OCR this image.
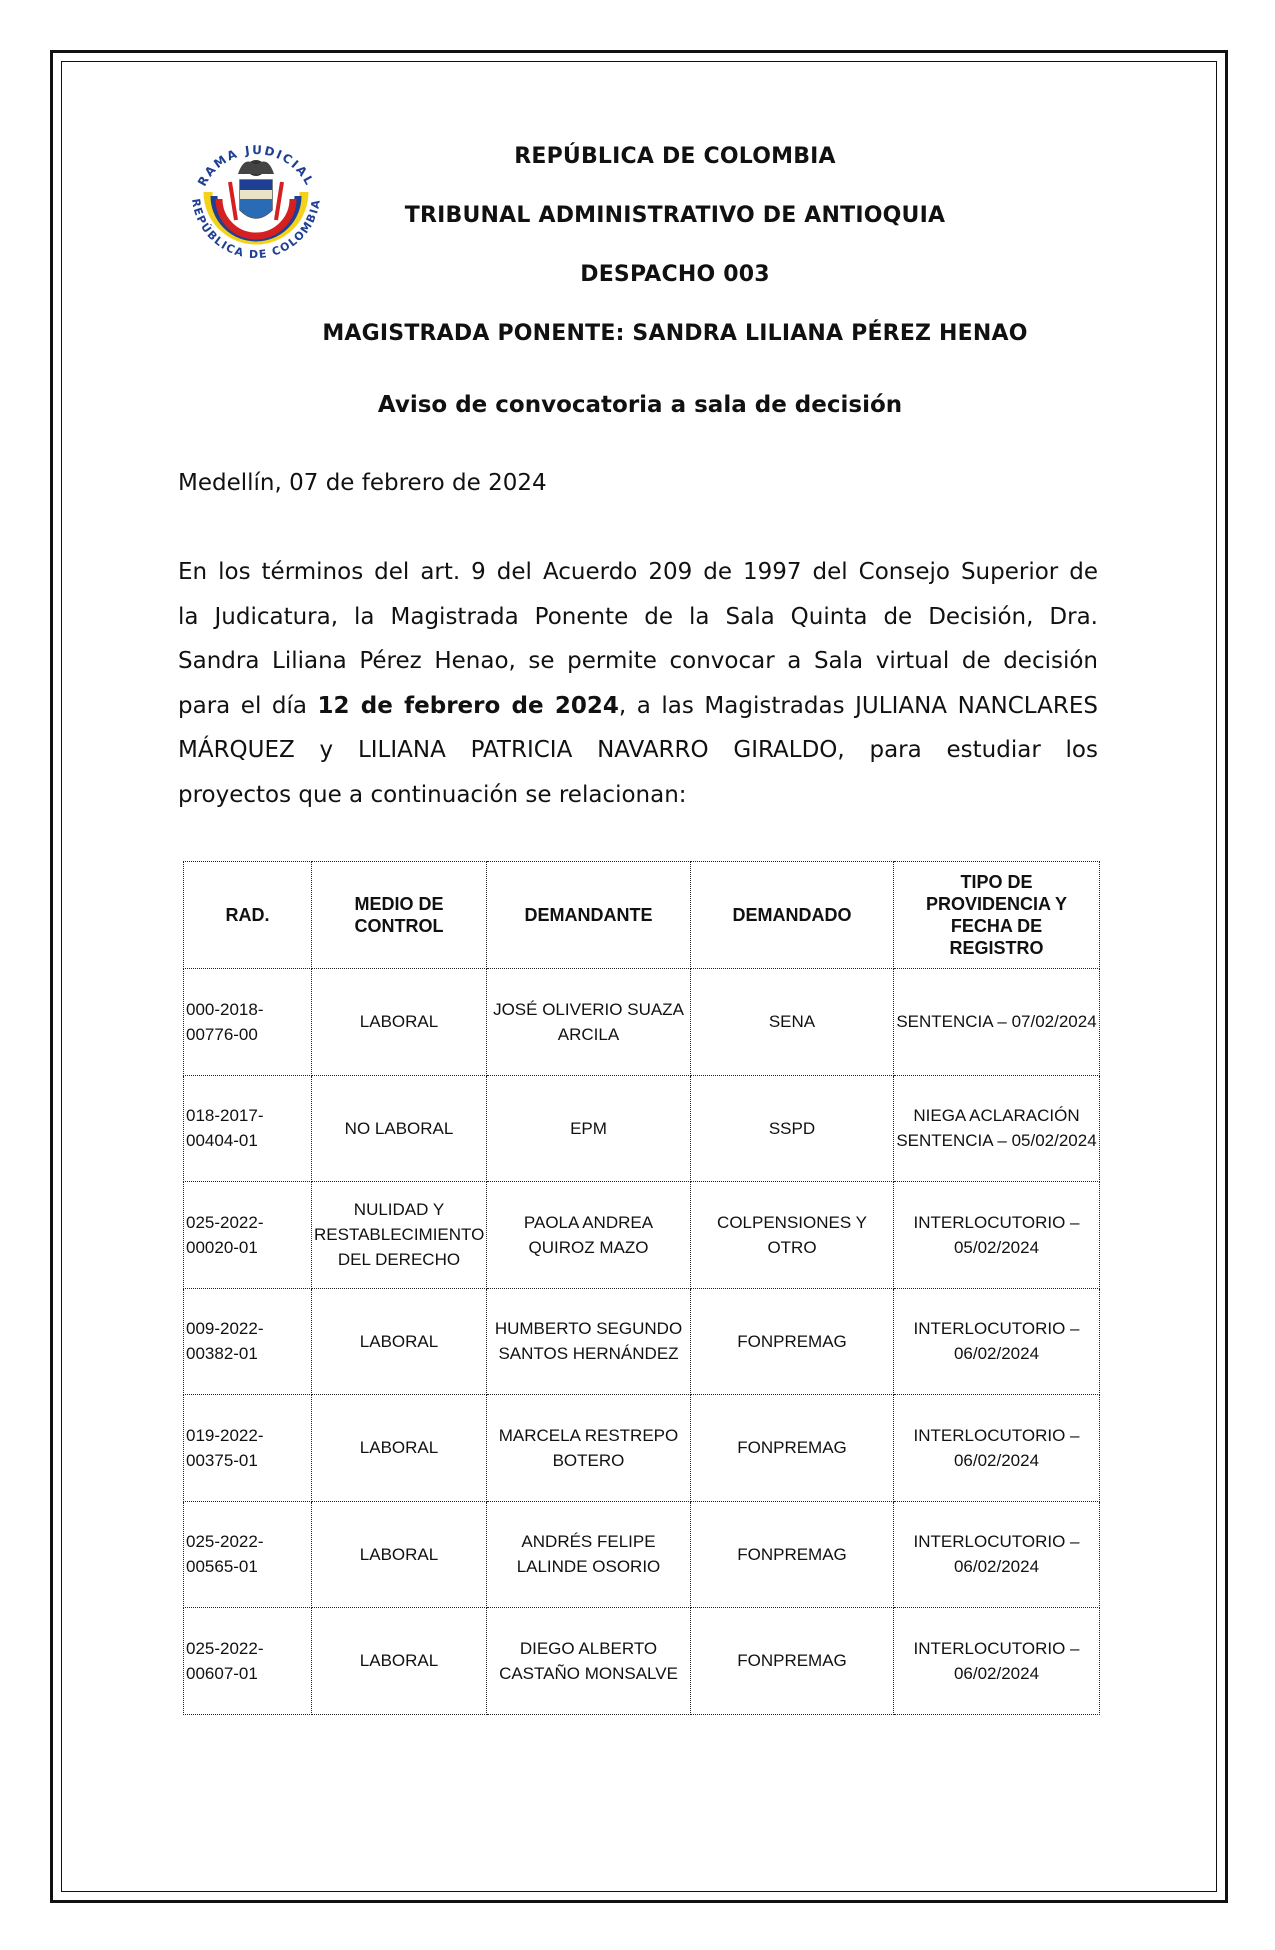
RAMA JUDICIAL
REPÚBLICA DE COLOMBIA
REPÚBLICA DE COLOMBIA
TRIBUNAL ADMINISTRATIVO DE ANTIOQUIA
DESPACHO 003
MAGISTRADA PONENTE: SANDRA LILIANA PÉREZ HENAO
Aviso de convocatoria a sala de decisión
Medellín, 07 de febrero de 2024
En los términos del art. 9 del Acuerdo 209 de 1997 del Consejo Superior de
la Judicatura, la Magistrada Ponente de la Sala Quinta de Decisión, Dra.
Sandra Liliana Pérez Henao, se permite convocar a Sala virtual de decisión
para el día 12 de febrero de 2024, a las Magistradas JULIANA NANCLARES
MÁRQUEZ y LILIANA PATRICIA NAVARRO GIRALDO, para estudiar los
proyectos que a continuación se relacionan:
RAD.	MEDIO DE CONTROL	DEMANDANTE	DEMANDADO	TIPO DE PROVIDENCIA Y FECHA DE REGISTRO
000-2018-00776-00	LABORAL	JOSÉ OLIVERIO SUAZA ARCILA	SENA	SENTENCIA – 07/02/2024
018-2017-00404-01	NO LABORAL	EPM	SSPD	NIEGA ACLARACIÓN SENTENCIA – 05/02/2024
025-2022-00020-01	NULIDAD Y RESTABLECIMIENTO DEL DERECHO	PAOLA ANDREA QUIROZ MAZO	COLPENSIONES Y OTRO	INTERLOCUTORIO – 05/02/2024
009-2022-00382-01	LABORAL	HUMBERTO SEGUNDO SANTOS HERNÁNDEZ	FONPREMAG	INTERLOCUTORIO – 06/02/2024
019-2022-00375-01	LABORAL	MARCELA RESTREPO BOTERO	FONPREMAG	INTERLOCUTORIO – 06/02/2024
025-2022-00565-01	LABORAL	ANDRÉS FELIPE LALINDE OSORIO	FONPREMAG	INTERLOCUTORIO – 06/02/2024
025-2022-00607-01	LABORAL	DIEGO ALBERTO CASTAÑO MONSALVE	FONPREMAG	INTERLOCUTORIO – 06/02/2024
